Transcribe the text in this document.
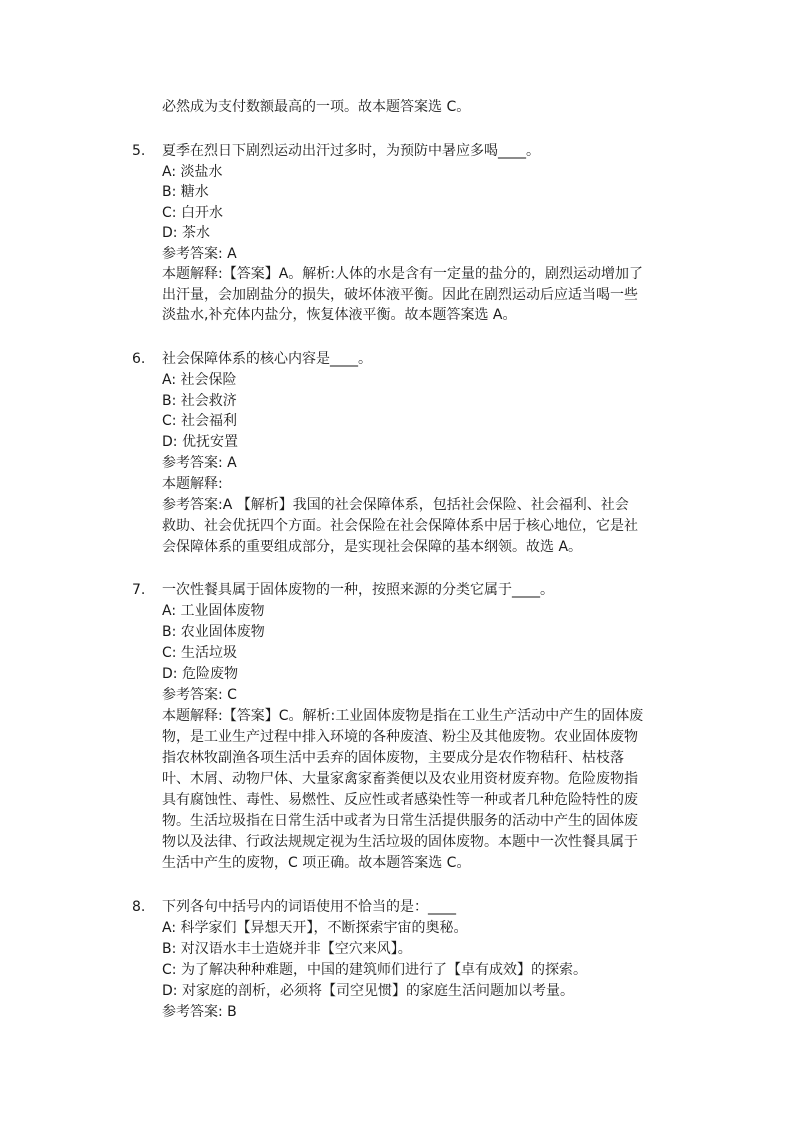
必然成为支付数额最高的一项。故本题答案选 C。
5. 夏季在烈日下剧烈运动出汗过多时，为预防中暑应多喝____。
A: 淡盐水
B: 糖水
C: 白开水
D: 茶水
参考答案: A
本题解释:【答案】A。解析:人体的水是含有一定量的盐分的，剧烈运动增加了
出汗量，会加剧盐分的损失，破坏体液平衡。因此在剧烈运动后应适当喝一些
淡盐水,补充体内盐分，恢复体液平衡。故本题答案选 A。
6. 社会保障体系的核心内容是____。
A: 社会保险
B: 社会救济
C: 社会福利
D: 优抚安置
参考答案: A
本题解释:
参考答案:A 【解析】我国的社会保障体系，包括社会保险、社会福利、社会
救助、社会优抚四个方面。社会保险在社会保障体系中居于核心地位，它是社
会保障体系的重要组成部分，是实现社会保障的基本纲领。故选 A。
7. 一次性餐具属于固体废物的一种，按照来源的分类它属于____。
A: 工业固体废物
B: 农业固体废物
C: 生活垃圾
D: 危险废物
参考答案: C
本题解释:【答案】C。解析:工业固体废物是指在工业生产活动中产生的固体废
物，是工业生产过程中排入环境的各种废渣、粉尘及其他废物。农业固体废物
指农林牧副渔各项生活中丢弃的固体废物，主要成分是农作物秸秆、枯枝落
叶、木屑、动物尸体、大量家禽家畜粪便以及农业用资材废弃物。危险废物指
具有腐蚀性、毒性、易燃性、反应性或者感染性等一种或者几种危险特性的废
物。生活垃圾指在日常生活中或者为日常生活提供服务的活动中产生的固体废
物以及法律、行政法规规定视为生活垃圾的固体废物。本题中一次性餐具属于
生活中产生的废物，C 项正确。故本题答案选 C。
8. 下列各句中括号内的词语使用不恰当的是：____
A: 科学家们【异想天开】，不断探索宇宙的奥秘。
B: 对汉语水丰士造娆并非【空穴来风】。
C: 为了解决种种难题，中国的建筑师们进行了【卓有成效】的探索。
D: 对家庭的剖析，必须将【司空见惯】的家庭生活问题加以考量。
参考答案: B
